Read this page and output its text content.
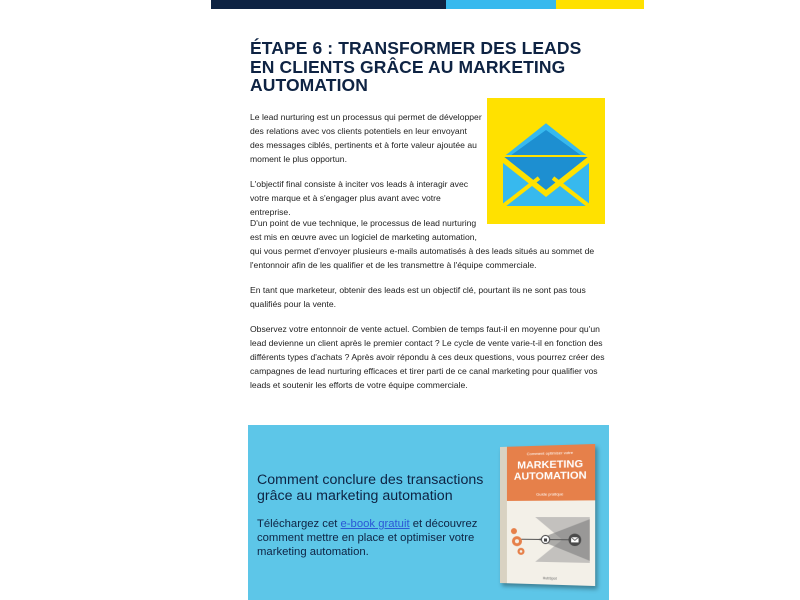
ÉTAPE 6 : TRANSFORMER DES LEADS EN CLIENTS GRÂCE AU MARKETING AUTOMATION

Le lead nurturing est un processus qui permet de développer des relations avec vos clients potentiels en leur envoyant des messages ciblés, pertinents et à forte valeur ajoutée au moment le plus opportun.

L'objectif final consiste à inciter vos leads à interagir avec votre marque et à s'engager plus avant avec votre entreprise.

D'un point de vue technique, le processus de lead nurturing est mis en œuvre avec un logiciel de marketing automation,
qui vous permet d'envoyer plusieurs e-mails automatisés à des leads situés au sommet de l'entonnoir afin de les qualifier et de les transmettre à l'équipe commerciale.

En tant que marketeur, obtenir des leads est un objectif clé, pourtant ils ne sont pas tous qualifiés pour la vente.

Observez votre entonnoir de vente actuel. Combien de temps faut-il en moyenne pour qu'un lead devienne un client après le premier contact ? Le cycle de vente varie-t-il en fonction des différents types d'achats ? Après avoir répondu à ces deux questions, vous pourrez créer des campagnes de lead nurturing efficaces et tirer parti de ce canal marketing pour qualifier vos leads et soutenir les efforts de votre équipe commerciale.

Comment conclure des transactions grâce au marketing automation

Téléchargez cet e-book gratuit et découvrez comment mettre en place et optimiser votre marketing automation.

Comment optimiser votre
MARKETING
AUTOMATION
Guide pratique
HubSpot
